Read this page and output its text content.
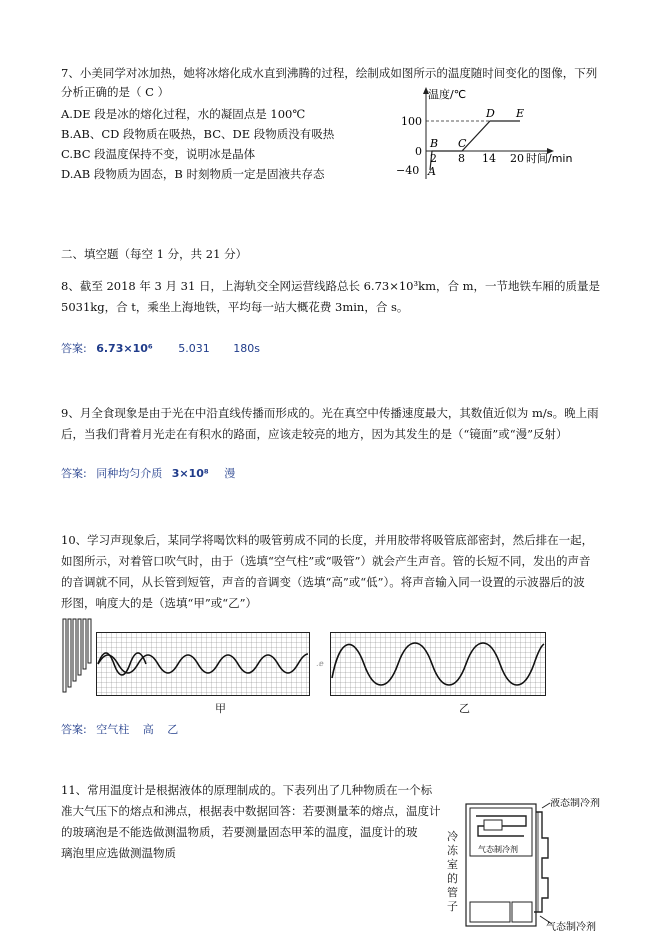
7、小美同学对冰加热，她将冰熔化成水直到沸腾的过程，绘制成如图所示的温度随时间变化的图像，下列
分析正确的是（ C ）
A.DE 段是冰的熔化过程，水的凝固点是 100℃
B.AB、CD 段物质在吸热，BC、DE 段物质没有吸热
C.BC 段温度保持不变，说明冰是晶体
D.AB 段物质为固态，B 时刻物质一定是固液共存态
温度/℃
时间/min
100
0
−40
2 8 14 20
A
B C
D E
二、填空题（每空 1 分，共 21 分）
8、截至 2018 年 3 月 31 日，上海轨交全网运营线路总长 6.73×10³km，合 m，一节地铁车厢的质量是
5031kg，合 t，乘坐上海地铁，平均每一站大概花费 3min，合 s。
答案: 6.73×10⁶ 5.031 180s
9、月全食现象是由于光在中沿直线传播而形成的。光在真空中传播速度最大，其数值近似为 m/s。晚上雨
后，当我们背着月光走在有积水的路面，应该走较亮的地方，因为其发生的是（“镜面”或“漫”反射）
答案: 同种均匀介质 3×10⁸ 漫
10、学习声现象后，某同学将喝饮料的吸管剪成不同的长度，并用胶带将吸管底部密封，然后排在一起，
如图所示，对着管口吹气时，由于（选填“空气柱”或“吸管”）就会产生声音。管的长短不同，发出的声音
的音调就不同，从长管到短管，声音的音调变（选填“高”或“低”）。将声音输入同一设置的示波器后的波
形图，响度大的是（选填“甲”或“乙”）
.ⅇ
甲	乙
答案: 空气柱 高 乙
11、常用温度计是根据液体的原理制成的。下表列出了几种物质在一个标
准大气压下的熔点和沸点，根据表中数据回答：若要测量苯的熔点，温度计
的玻璃泡是不能选做测温物质，若要测量固态甲苯的温度，温度计的玻
璃泡里应选做测温物质
液态制冷剂
气态制冷剂
气态制冷剂
冷冻室的管子
